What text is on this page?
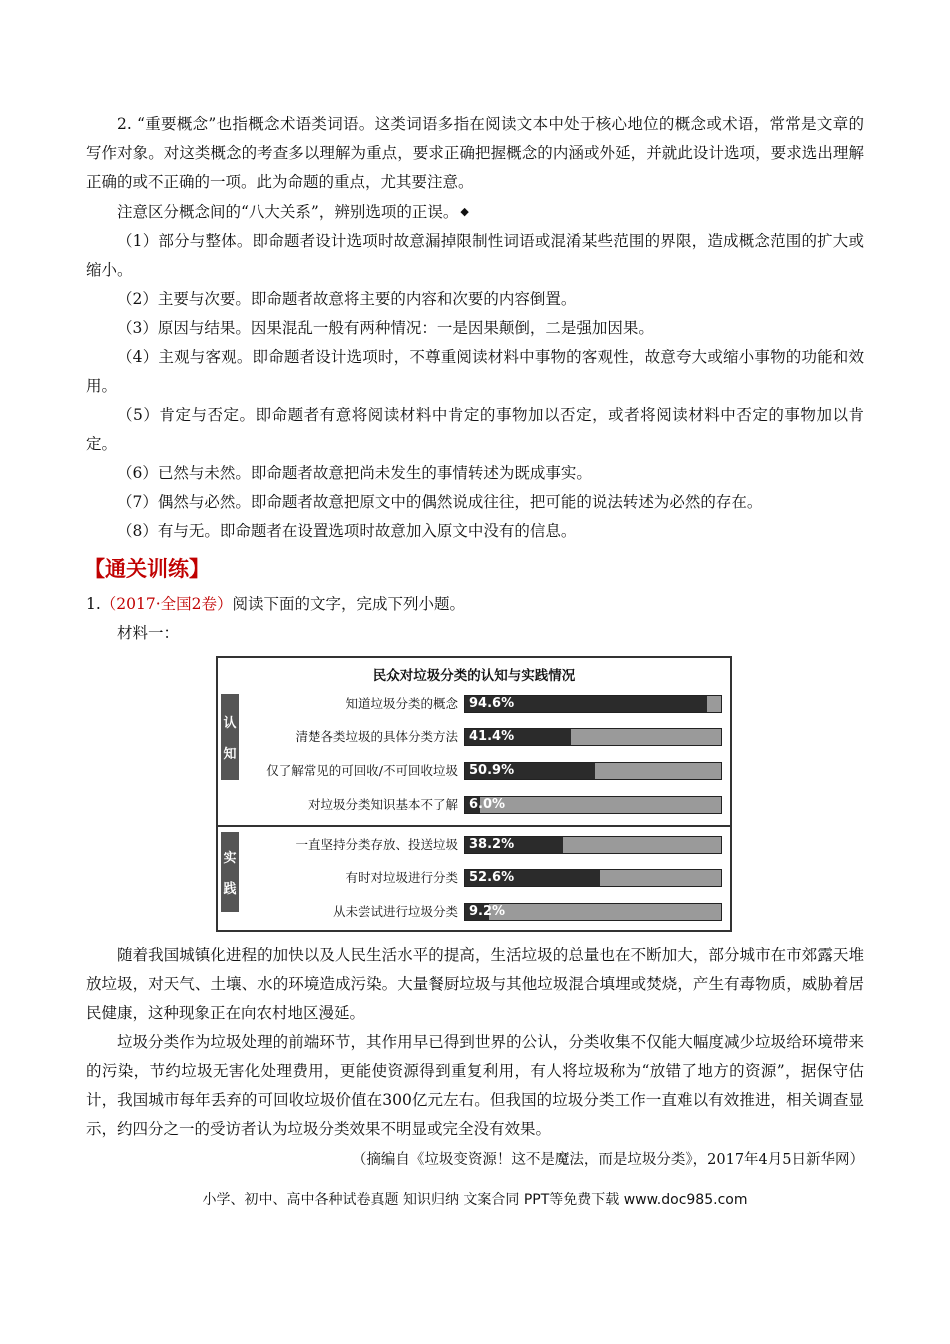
2. “重要概念”也指概念术语类词语。这类词语多指在阅读文本中处于核心地位的概念或术语，常常是文章的写作对象。对这类概念的考查多以理解为重点，要求正确把握概念的内涵或外延，并就此设计选项，要求选出理解正确的或不正确的一项。此为命题的重点，尤其要注意。

注意区分概念间的“八大关系”，辨别选项的正误。 ◆

（1）部分与整体。即命题者设计选项时故意漏掉限制性词语或混淆某些范围的界限，造成概念范围的扩大或缩小。

（2）主要与次要。即命题者故意将主要的内容和次要的内容倒置。

（3）原因与结果。因果混乱一般有两种情况：一是因果颠倒，二是强加因果。

（4）主观与客观。即命题者设计选项时，不尊重阅读材料中事物的客观性，故意夸大或缩小事物的功能和效用。

（5）肯定与否定。即命题者有意将阅读材料中肯定的事物加以否定，或者将阅读材料中否定的事物加以肯定。

（6）已然与未然。即命题者故意把尚未发生的事情转述为既成事实。

（7）偶然与必然。即命题者故意把原文中的偶然说成往往，把可能的说法转述为必然的存在。

（8）有与无。即命题者在设置选项时故意加入原文中没有的信息。

【通关训练】

1.（2017·全国2卷）阅读下面的文字，完成下列小题。

材料一：

民众对垃圾分类的认知与实践情况
认
知
知道垃圾分类的概念 94.6%
清楚各类垃圾的具体分类方法 41.4%
仅了解常见的可回收/不可回收垃圾 50.9%
对垃圾分类知识基本不了解 6.0%
实
践
一直坚持分类存放、投送垃圾 38.2%
有时对垃圾进行分类 52.6%
从未尝试进行垃圾分类 9.2%

随着我国城镇化进程的加快以及人民生活水平的提高，生活垃圾的总量也在不断加大，部分城市在市郊露天堆放垃圾，对天气、土壤、水的环境造成污染。大量餐厨垃圾与其他垃圾混合填埋或焚烧，产生有毒物质，威胁着居民健康，这种现象正在向农村地区漫延。

垃圾分类作为垃圾处理的前端环节，其作用早已得到世界的公认，分类收集不仅能大幅度减少垃圾给环境带来的污染，节约垃圾无害化处理费用，更能使资源得到重复利用，有人将垃圾称为“放错了地方的资源”，据保守估计，我国城市每年丢弃的可回收垃圾价值在300亿元左右。但我国的垃圾分类工作一直难以有效推进，相关调查显示，约四分之一的受访者认为垃圾分类效果不明显或完全没有效果。

（摘编自《垃圾变资源！这不是魔法，而是垃圾分类》，2017年4月5日新华网）

小学、初中、高中各种试卷真题 知识归纳 文案合同 PPT等免费下载 www.doc985.com
